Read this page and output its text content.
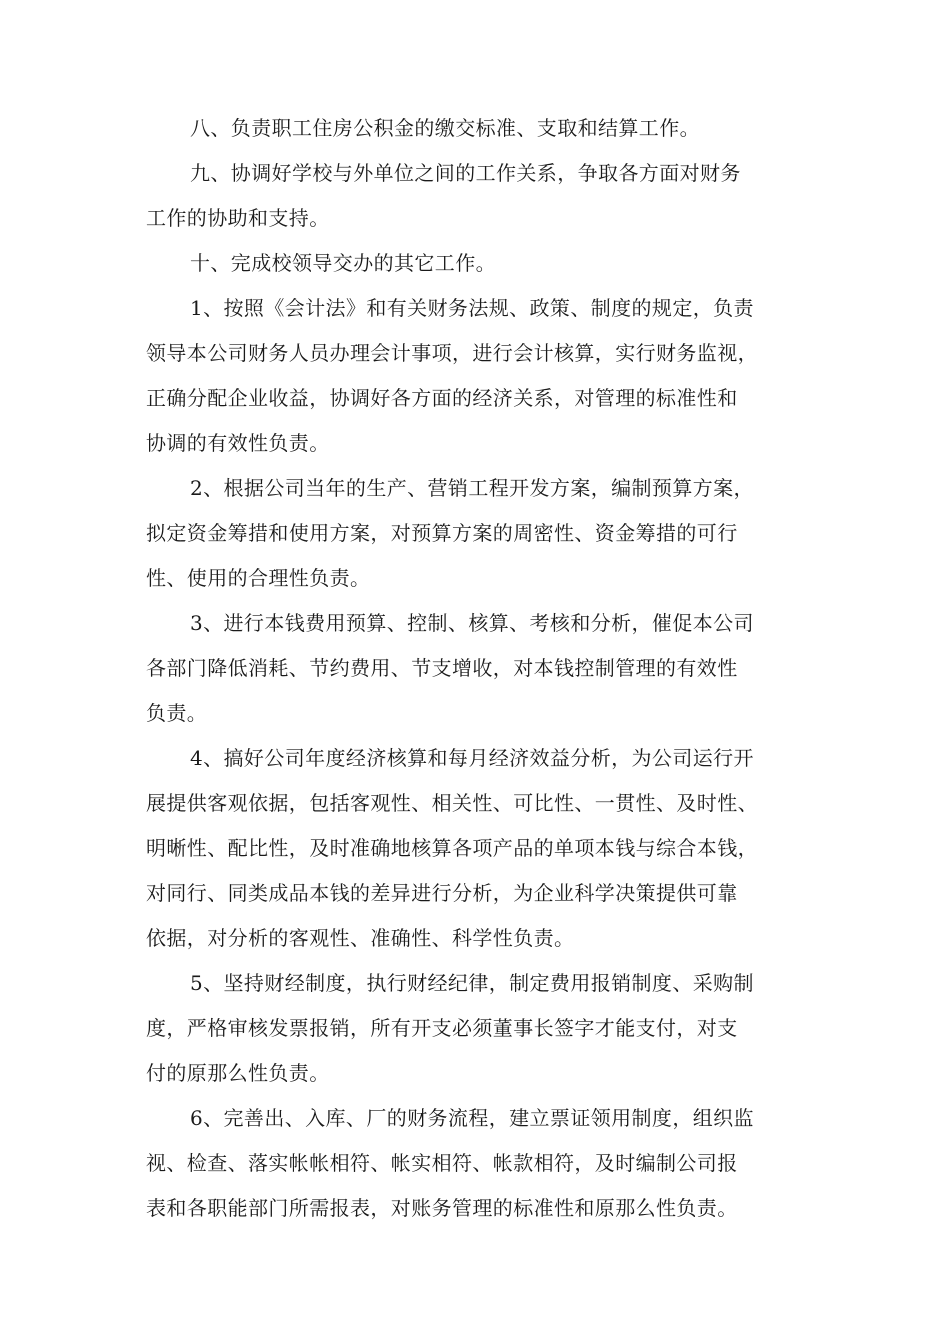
八、负责职工住房公积金的缴交标准、支取和结算工作。
九、协调好学校与外单位之间的工作关系，争取各方面对财务
工作的协助和支持。
十、完成校领导交办的其它工作。
1、按照《会计法》和有关财务法规、政策、制度的规定，负责
领导本公司财务人员办理会计事项，进行会计核算，实行财务监视，
正确分配企业收益，协调好各方面的经济关系，对管理的标准性和
协调的有效性负责。
2、根据公司当年的生产、营销工程开发方案，编制预算方案，
拟定资金筹措和使用方案，对预算方案的周密性、资金筹措的可行
性、使用的合理性负责。
3、进行本钱费用预算、控制、核算、考核和分析，催促本公司
各部门降低消耗、节约费用、节支增收，对本钱控制管理的有效性
负责。
4、搞好公司年度经济核算和每月经济效益分析，为公司运行开
展提供客观依据，包括客观性、相关性、可比性、一贯性、及时性、
明晰性、配比性，及时准确地核算各项产品的单项本钱与综合本钱，
对同行、同类成品本钱的差异进行分析，为企业科学决策提供可靠
依据，对分析的客观性、准确性、科学性负责。
5、坚持财经制度，执行财经纪律，制定费用报销制度、采购制
度，严格审核发票报销，所有开支必须董事长签字才能支付，对支
付的原那么性负责。
6、完善出、入库、厂的财务流程，建立票证领用制度，组织监
视、检查、落实帐帐相符、帐实相符、帐款相符，及时编制公司报
表和各职能部门所需报表，对账务管理的标准性和原那么性负责。
